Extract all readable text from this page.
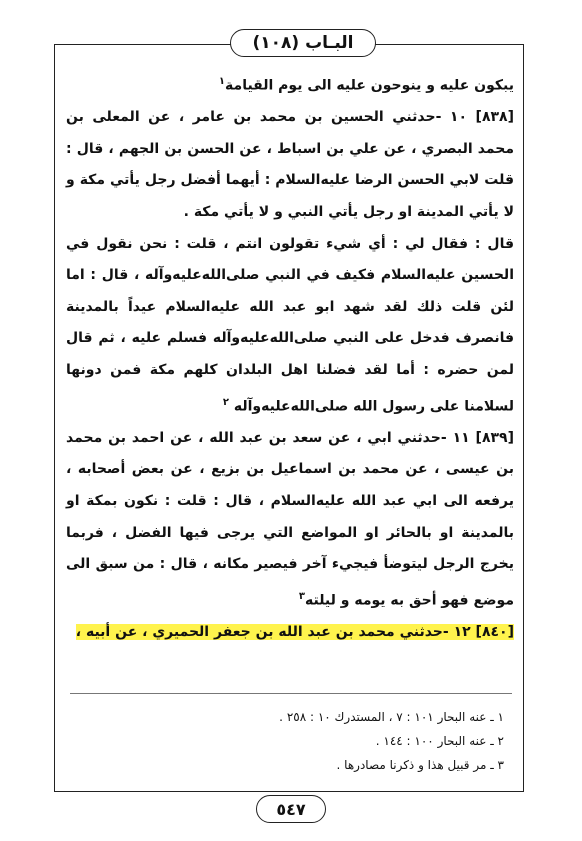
البـاب (١٠٨)

يبكون عليه و ينوحون عليه الى يوم القيامة$^١$

[٨٣٨] ١٠ -حدثني الحسين بن محمد بن عامر ، عن المعلى بن محمد البصري ، عن علي بن اسباط ، عن الحسن بن الجهم ، قال : قلت لابي الحسن الرضا عليه‌السلام : أيهما أفضل رجل يأتي مكة و لا يأتي المدينة او رجل يأتي النبي و لا يأتي مكة .

قال : فقال لي : أي شيء تقولون انتم ، قلت : نحن نقول في الحسين عليه‌السلام فكيف في النبي صلى‌الله‌عليه‌وآله ، قال : اما لئن قلت ذلك لقد شهد ابو عبد الله عليه‌السلام عيداً بالمدينة فانصرف فدخل على النبي صلى‌الله‌عليه‌وآله فسلم عليه ، ثم قال لمن حضره : أما لقد فضلنا اهل البلدان كلهم مكة فمن دونها لسلامنا على رسول الله صلى‌الله‌عليه‌وآله $^٢$

[٨٣٩] ١١ -حدثني ابي ، عن سعد بن عبد الله ، عن احمد بن محمد بن عيسى ، عن محمد بن اسماعيل بن بزيع ، عن بعض أصحابه ، يرفعه الى ابي عبد الله عليه‌السلام ، قال : قلت : نكون بمكة او بالمدينة او بالحائر او المواضع التي يرجى فيها الفضل ، فربما يخرج الرجل ليتوضأ فيجيء آخر فيصير مكانه ، قال : من سبق الى موضع فهو أحق به يومه و ليلته$^٣$

[٨٤٠] ١٢ -حدثني محمد بن عبد الله بن جعفر الحميري ، عن أبيه ،

١ ـ عنه البحار ١٠١ : ٧ ، المستدرك ١٠ : ٢٥٨ .
٢ ـ عنه البحار ١٠٠ : ١٤٤ .
٣ ـ مر قبيل هذا و ذكرنا مصادرها .
٥٤٧
